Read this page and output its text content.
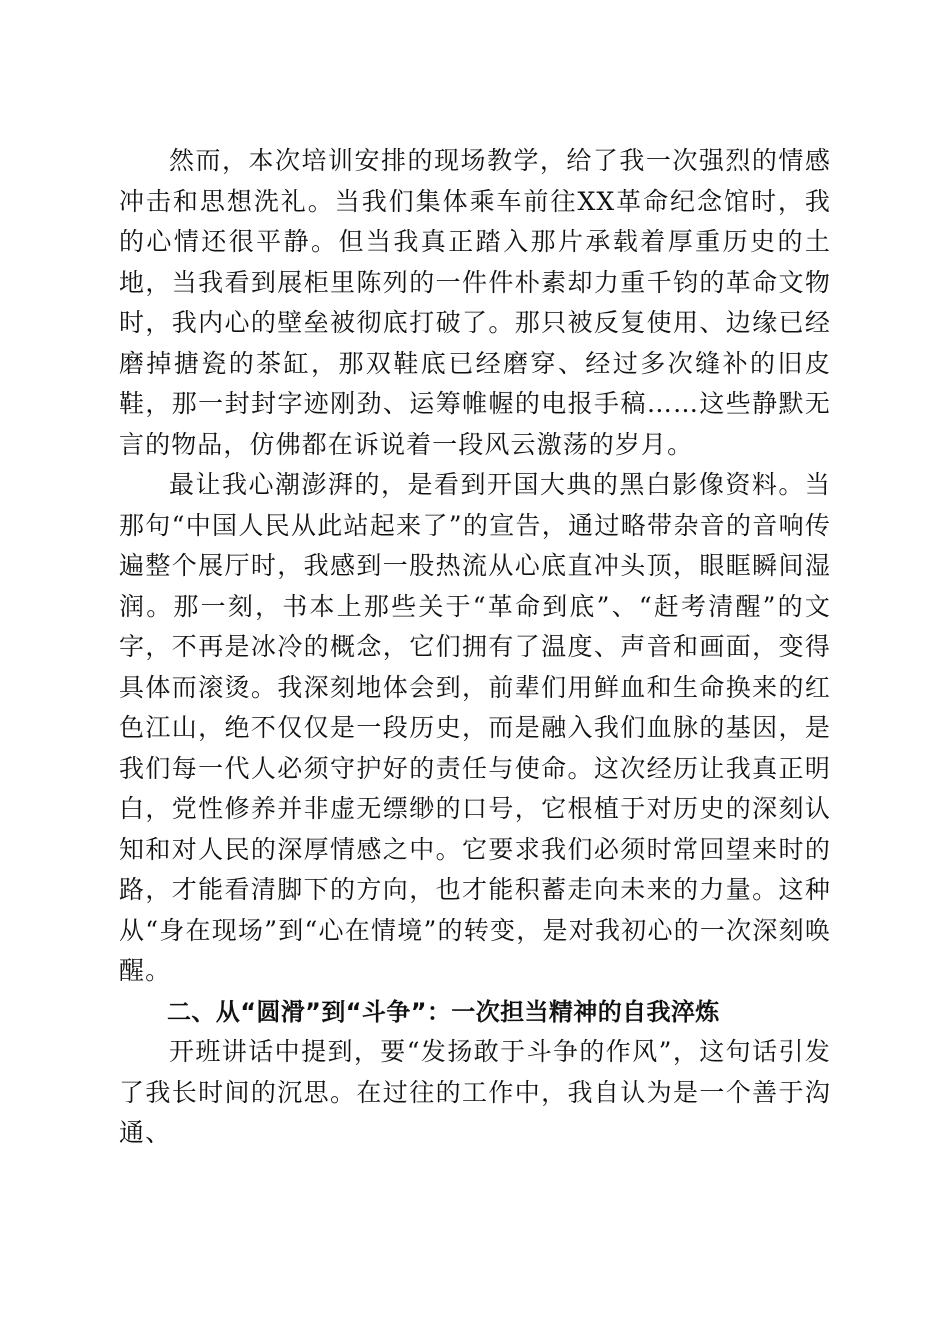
然而，本次培训安排的现场教学，给了我一次强烈的情感冲击和思想洗礼。当我们集体乘车前往XX革命纪念馆时，我的心情还很平静。但当我真正踏入那片承载着厚重历史的土地，当我看到展柜里陈列的一件件朴素却力重千钧的革命文物时，我内心的壁垒被彻底打破了。那只被反复使用、边缘已经磨掉搪瓷的茶缸，那双鞋底已经磨穿、经过多次缝补的旧皮鞋，那一封封字迹刚劲、运筹帷幄的电报手稿……这些静默无言的物品，仿佛都在诉说着一段风云激荡的岁月。

最让我心潮澎湃的，是看到开国大典的黑白影像资料。当那句“中国人民从此站起来了”的宣告，通过略带杂音的音响传遍整个展厅时，我感到一股热流从心底直冲头顶，眼眶瞬间湿润。那一刻，书本上那些关于“革命到底”、“赶考清醒”的文字，不再是冰冷的概念，它们拥有了温度、声音和画面，变得具体而滚烫。我深刻地体会到，前辈们用鲜血和生命换来的红色江山，绝不仅仅是一段历史，而是融入我们血脉的基因，是我们每一代人必须守护好的责任与使命。这次经历让我真正明白，党性修养并非虚无缥缈的口号，它根植于对历史的深刻认知和对人民的深厚情感之中。它要求我们必须时常回望来时的路，才能看清脚下的方向，也才能积蓄走向未来的力量。这种从“身在现场”到“心在情境”的转变，是对我初心的一次深刻唤醒。

二、从“圆滑”到“斗争”：一次担当精神的自我淬炼

开班讲话中提到，要“发扬敢于斗争的作风”，这句话引发了我长时间的沉思。在过往的工作中，我自认为是一个善于沟通、
